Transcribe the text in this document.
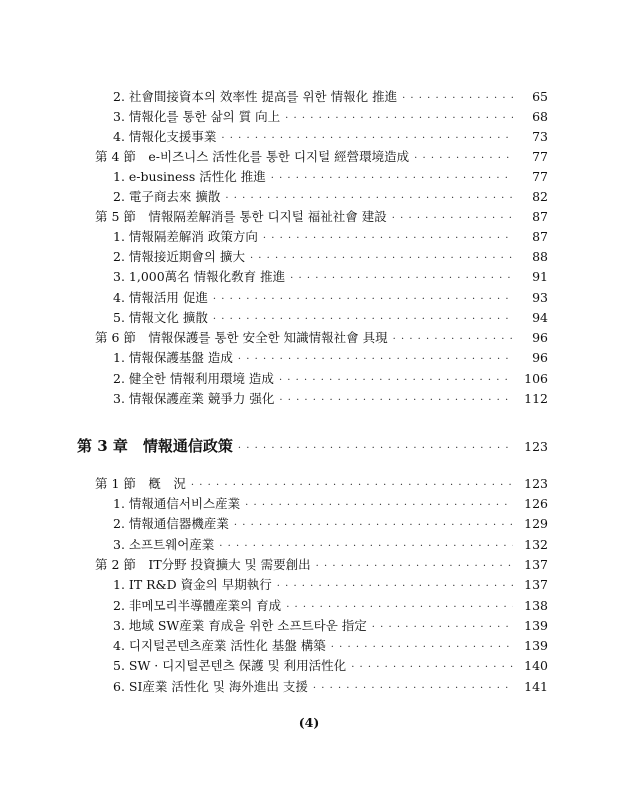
2. 社會間接資本의 效率性 提高를 위한 情報化 推進 · · ·	65
3. 情報化를 통한 삶의 質 向上 · · ·	68
4. 情報化支援事業 · · ·	73
第 4 節　e-비즈니스 活性化를 통한 디지털 經營環境造成 · · ·	77
1. e-business 活性化 推進 · · ·	77
2. 電子商去來 擴散 · · ·	82
第 5 節　情報隔差解消를 통한 디지털 福祉社會 建設 · · ·	87
1. 情報隔差解消 政策方向 · · ·	87
2. 情報接近期會의 擴大 · · ·	88
3. 1,000萬名 情報化敎育 推進 · · ·	91
4. 情報活用 促進 · · ·	93
5. 情報文化 擴散 · · ·	94
第 6 節　情報保護를 통한 安全한 知識情報社會 具現 · · ·	96
1. 情報保護基盤 造成 · · ·	96
2. 健全한 情報利用環境 造成 · · ·	106
3. 情報保護産業 競爭力 强化 · · ·	112
第 3 章　情報通信政策 · · ·	123
第 1 節　槪　況 · · ·	123
1. 情報通信서비스産業 · · ·	126
2. 情報通信器機産業 · · ·	129
3. 소프트웨어産業 · · ·	132
第 2 節　IT分野 投資擴大 및 需要創出 · · ·	137
1. IT R&D 資金의 早期執行 · · ·	137
2. 非메모리半導體産業의 育成 · · ·	138
3. 地域 SW産業 育成을 위한 소프트타운 指定 · · ·	139
4. 디지털콘텐츠産業 活性化 基盤 構築 · · ·	139
5. SW · 디지털콘텐츠 保護 및 利用活性化 · · ·	140
6. SI産業 活性化 및 海外進出 支援 · · ·	141
(4)
